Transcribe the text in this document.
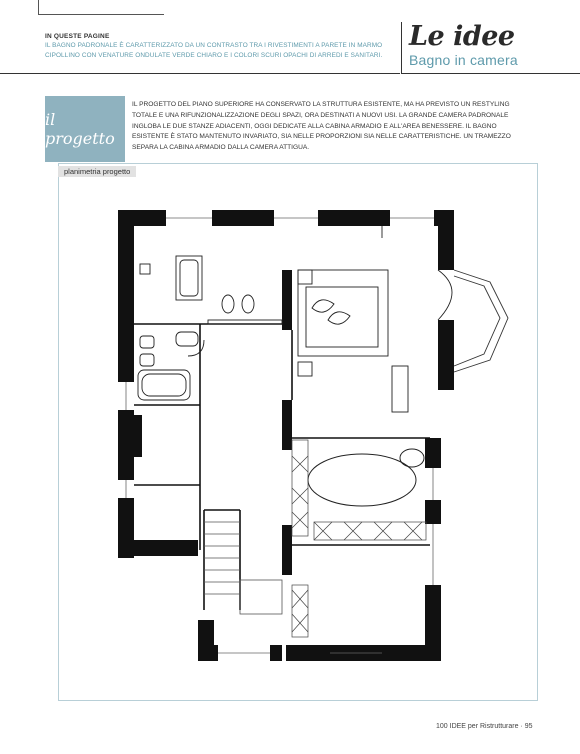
IN QUESTE PAGINE
IL BAGNO PADRONALE È CARATTERIZZATO DA UN CONTRASTO TRA I RIVESTIMENTI A PARETE IN MARMO CIPOLLINO CON VENATURE ONDULATE VERDE CHIARO E I COLORI SCURI OPACHI DI ARREDI E SANITARI.
Le idee
Bagno in camera
il progetto
IL PROGETTO DEL PIANO SUPERIORE HA CONSERVATO LA STRUTTURA ESISTENTE, MA HA PREVISTO UN RESTYLING TOTALE E UNA RIFUNZIONALIZZAZIONE DEGLI SPAZI, ORA DESTINATI A NUOVI USI. LA GRANDE CAMERA PADRONALE INGLOBA LE DUE STANZE ADIACENTI, OGGI DEDICATE ALLA CABINA ARMADIO E ALL'AREA BENESSERE. IL BAGNO ESISTENTE È STATO MANTENUTO INVARIATO, SIA NELLE PROPORZIONI SIA NELLE CARATTERISTICHE. UN TRAMEZZO SEPARA LA CABINA ARMADIO DALLA CAMERA ATTIGUA.
planimetria progetto
100 IDEE per Ristrutturare · 95
